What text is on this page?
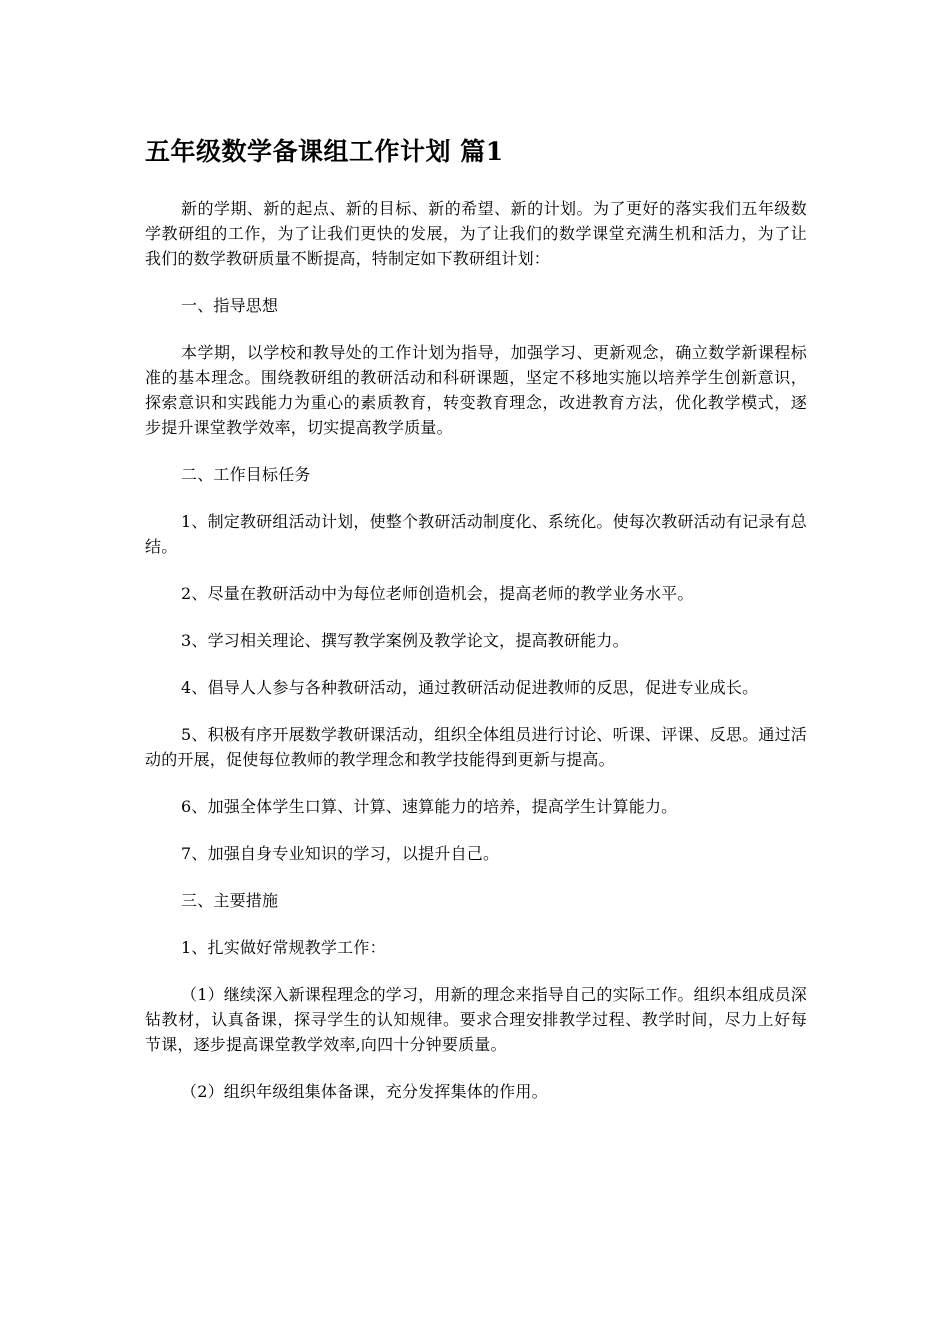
五年级数学备课组工作计划 篇1

新的学期、新的起点、新的目标、新的希望、新的计划。为了更好的落实我们五年级数学教研组的工作，为了让我们更快的发展，为了让我们的数学课堂充满生机和活力，为了让我们的数学教研质量不断提高，特制定如下教研组计划：

一、指导思想

本学期，以学校和教导处的工作计划为指导，加强学习、更新观念，确立数学新课程标准的基本理念。围绕教研组的教研活动和科研课题，坚定不移地实施以培养学生创新意识，探索意识和实践能力为重心的素质教育，转变教育理念，改进教育方法，优化教学模式，逐步提升课堂教学效率，切实提高教学质量。

二、工作目标任务

1、制定教研组活动计划，使整个教研活动制度化、系统化。使每次教研活动有记录有总结。

2、尽量在教研活动中为每位老师创造机会，提高老师的教学业务水平。

3、学习相关理论、撰写教学案例及教学论文，提高教研能力。

4、倡导人人参与各种教研活动，通过教研活动促进教师的反思，促进专业成长。

5、积极有序开展数学教研课活动，组织全体组员进行讨论、听课、评课、反思。通过活动的开展，促使每位教师的教学理念和教学技能得到更新与提高。

6、加强全体学生口算、计算、速算能力的培养，提高学生计算能力。

7、加强自身专业知识的学习，以提升自己。

三、主要措施

1、扎实做好常规教学工作：

（1）继续深入新课程理念的学习，用新的理念来指导自己的实际工作。组织本组成员深钻教材，认真备课，探寻学生的认知规律。要求合理安排教学过程、教学时间，尽力上好每节课，逐步提高课堂教学效率,向四十分钟要质量。

（2）组织年级组集体备课，充分发挥集体的作用。
